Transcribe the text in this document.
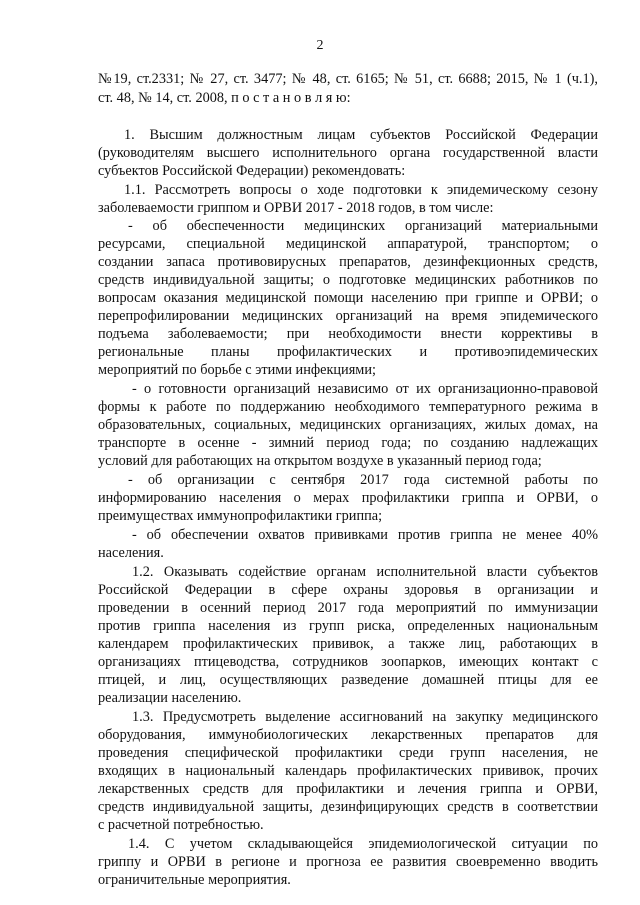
2
№19, ст.2331; № 27, ст. 3477; № 48, ст. 6165; № 51, ст. 6688; 2015, № 1 (ч.1),
ст. 48, № 14, ст. 2008, п о с т а н о в л я ю:
1. Высшим должностным лицам субъектов Российской Федерации
(руководителям высшего исполнительного органа государственной власти
субъектов Российской Федерации) рекомендовать:
1.1. Рассмотреть вопросы о ходе подготовки к эпидемическому сезону
заболеваемости гриппом и ОРВИ 2017 - 2018 годов, в том числе:
- об обеспеченности медицинских организаций материальными
ресурсами, специальной медицинской аппаратурой, транспортом; о
создании запаса противовирусных препаратов, дезинфекционных средств,
средств индивидуальной защиты; о подготовке медицинских работников по
вопросам оказания медицинской помощи населению при гриппе и ОРВИ; о
перепрофилировании медицинских организаций на время эпидемического
подъема заболеваемости; при необходимости внести коррективы в
региональные планы профилактических и противоэпидемических
мероприятий по борьбе с этими инфекциями;
- о готовности организаций независимо от их организационно-правовой
формы к работе по поддержанию необходимого температурного режима в
образовательных, социальных, медицинских организациях, жилых домах, на
транспорте в осенне - зимний период года; по созданию надлежащих
условий для работающих на открытом воздухе в указанный период года;
- об организации с сентября 2017 года системной работы по
информированию населения о мерах профилактики гриппа и ОРВИ, о
преимуществах иммунопрофилактики гриппа;
- об обеспечении охватов прививками против гриппа не менее 40%
населения.
1.2. Оказывать содействие органам исполнительной власти субъектов
Российской Федерации в сфере охраны здоровья в организации и
проведении в осенний период 2017 года мероприятий по иммунизации
против гриппа населения из групп риска, определенных национальным
календарем профилактических прививок, а также лиц, работающих в
организациях птицеводства, сотрудников зоопарков, имеющих контакт с
птицей, и лиц, осуществляющих разведение домашней птицы для ее
реализации населению.
1.3. Предусмотреть выделение ассигнований на закупку медицинского
оборудования, иммунобиологических лекарственных препаратов для
проведения специфической профилактики среди групп населения, не
входящих в национальный календарь профилактических прививок, прочих
лекарственных средств для профилактики и лечения гриппа и ОРВИ,
средств индивидуальной защиты, дезинфицирующих средств в соответствии
с расчетной потребностью.
1.4. С учетом складывающейся эпидемиологической ситуации по
гриппу и ОРВИ в регионе и прогноза ее развития своевременно вводить
ограничительные мероприятия.
